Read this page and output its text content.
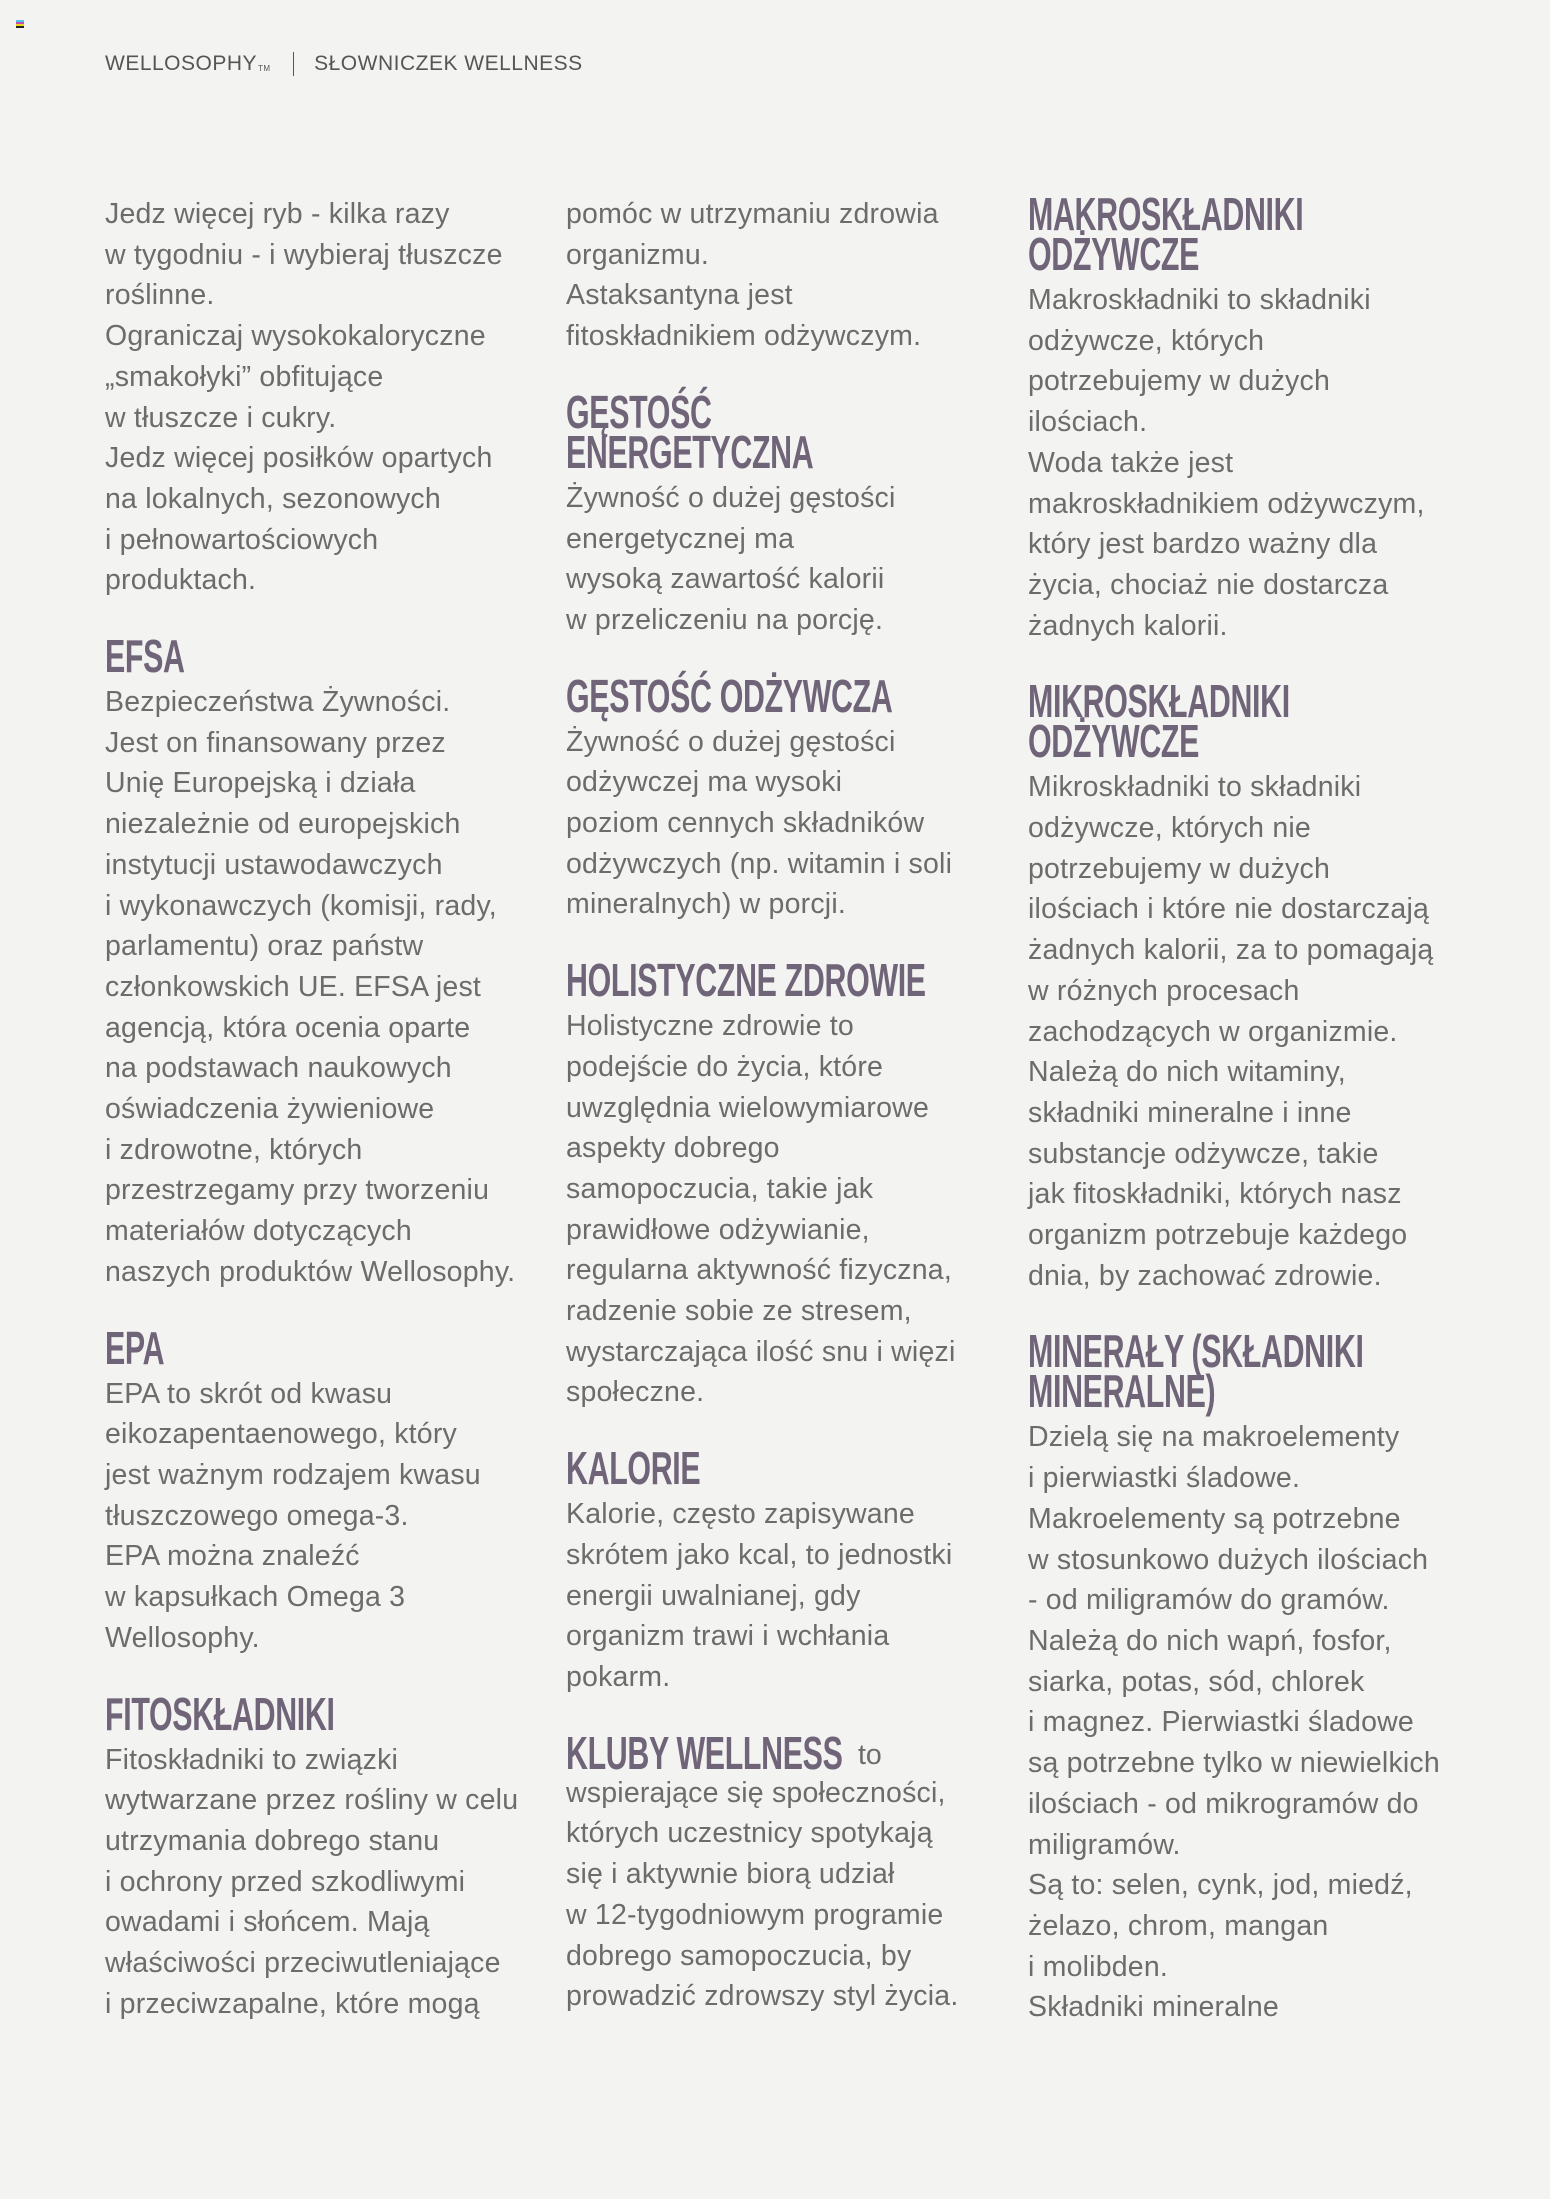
WELLOSOPHY TM SŁOWNICZEK WELLNESS
Jedz więcej ryb - kilka razy
w tygodniu - i wybieraj tłuszcze
roślinne.
Ograniczaj wysokokaloryczne
„smakołyki” obfitujące
w tłuszcze i cukry.
Jedz więcej posiłków opartych
na lokalnych, sezonowych
i pełnowartościowych
produktach.
EFSA
Bezpieczeństwa Żywności.
Jest on finansowany przez
Unię Europejską i działa
niezależnie od europejskich
instytucji ustawodawczych
i wykonawczych (komisji, rady,
parlamentu) oraz państw
członkowskich UE. EFSA jest
agencją, która ocenia oparte
na podstawach naukowych
oświadczenia żywieniowe
i zdrowotne, których
przestrzegamy przy tworzeniu
materiałów dotyczących
naszych produktów Wellosophy.
EPA
EPA to skrót od kwasu
eikozapentaenowego, który
jest ważnym rodzajem kwasu
tłuszczowego omega-3.
EPA można znaleźć
w kapsułkach Omega 3
Wellosophy.
FITOSKŁADNIKI
Fitoskładniki to związki
wytwarzane przez rośliny w celu
utrzymania dobrego stanu
i ochrony przed szkodliwymi
owadami i słońcem. Mają
właściwości przeciwutleniające
i przeciwzapalne, które mogą
pomóc w utrzymaniu zdrowia
organizmu.
Astaksantyna jest
fitoskładnikiem odżywczym.
GĘSTOŚĆ
ENERGETYCZNA
Żywność o dużej gęstości
energetycznej ma
wysoką zawartość kalorii
w przeliczeniu na porcję.
GĘSTOŚĆ ODŻYWCZA
Żywność o dużej gęstości
odżywczej ma wysoki
poziom cennych składników
odżywczych (np. witamin i soli
mineralnych) w porcji.
HOLISTYCZNE ZDROWIE
Holistyczne zdrowie to
podejście do życia, które
uwzględnia wielowymiarowe
aspekty dobrego
samopoczucia, takie jak
prawidłowe odżywianie,
regularna aktywność fizyczna,
radzenie sobie ze stresem,
wystarczająca ilość snu i więzi
społeczne.
KALORIE
Kalorie, często zapisywane
skrótem jako kcal, to jednostki
energii uwalnianej, gdy
organizm trawi i wchłania
pokarm.
KLUBY WELLNESS to
wspierające się społeczności,
których uczestnicy spotykają
się i aktywnie biorą udział
w 12-tygodniowym programie
dobrego samopoczucia, by
prowadzić zdrowszy styl życia.
MAKROSKŁADNIKI
ODŻYWCZE
Makroskładniki to składniki
odżywcze, których
potrzebujemy w dużych
ilościach.
Woda także jest
makroskładnikiem odżywczym,
który jest bardzo ważny dla
życia, chociaż nie dostarcza
żadnych kalorii.
MIKROSKŁADNIKI
ODŻYWCZE
Mikroskładniki to składniki
odżywcze, których nie
potrzebujemy w dużych
ilościach i które nie dostarczają
żadnych kalorii, za to pomagają
w różnych procesach
zachodzących w organizmie.
Należą do nich witaminy,
składniki mineralne i inne
substancje odżywcze, takie
jak fitoskładniki, których nasz
organizm potrzebuje każdego
dnia, by zachować zdrowie.
MINERAŁY (SKŁADNIKI
MINERALNE)
Dzielą się na makroelementy
i pierwiastki śladowe.
Makroelementy są potrzebne
w stosunkowo dużych ilościach
- od miligramów do gramów.
Należą do nich wapń, fosfor,
siarka, potas, sód, chlorek
i magnez. Pierwiastki śladowe
są potrzebne tylko w niewielkich
ilościach - od mikrogramów do
miligramów.
Są to: selen, cynk, jod, miedź,
żelazo, chrom, mangan
i molibden.
Składniki mineralne
